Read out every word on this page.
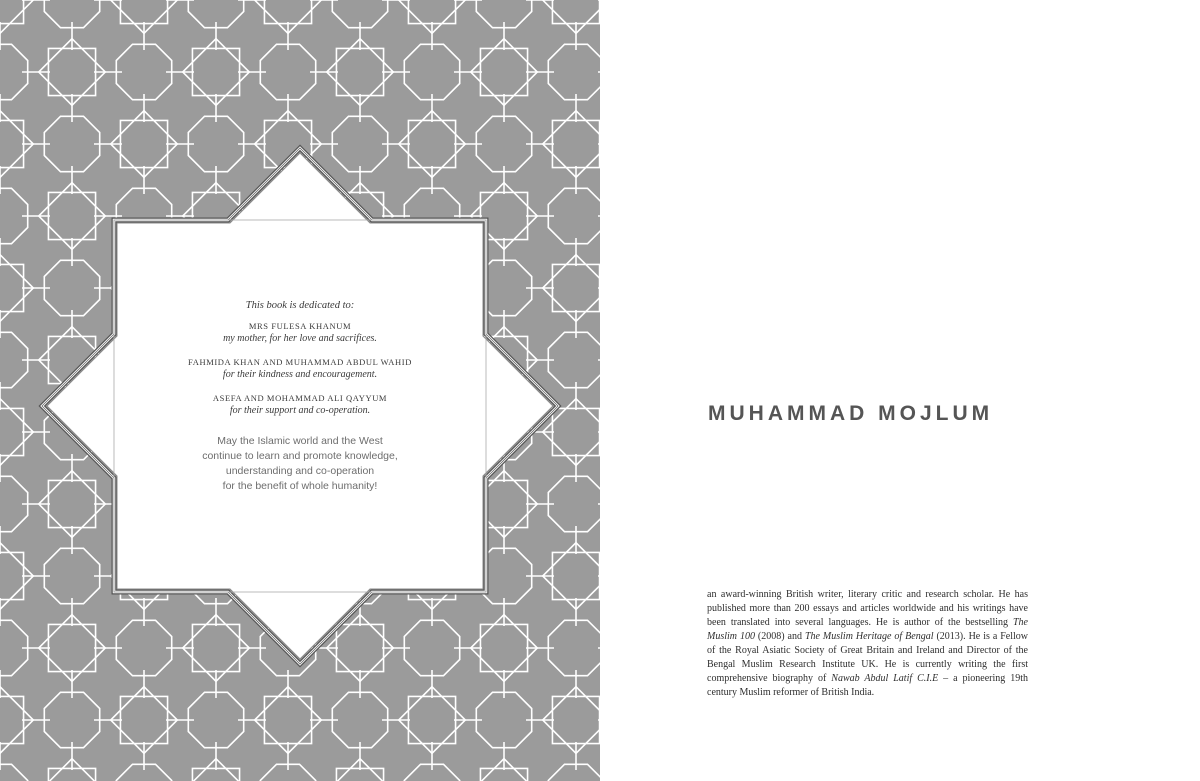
This book is dedicated to:

MRS FULESA KHANUM

my mother, for her love and sacrifices.

FAHMIDA KHAN AND MUHAMMAD ABDUL WAHID

for their kindness and encouragement.

ASEFA AND MOHAMMAD ALI QAYYUM

for their support and co-operation.

May the Islamic world and the West
continue to learn and promote knowledge,
understanding and co-operation
for the benefit of whole humanity!
MUHAMMAD MOJLUM

an award-winning British writer, literary critic and research scholar. He has published more than 200 essays and articles worldwide and his writings have been translated into several languages. He is author of the bestselling The Muslim 100 (2008) and The Muslim Heritage of Bengal (2013). He is a Fellow of the Royal Asiatic Society of Great Britain and Ireland and Director of the Bengal Muslim Research Institute UK. He is currently writing the first comprehensive biography of Nawab Abdul Latif C.I.E – a pioneering 19th century Muslim reformer of British India.
